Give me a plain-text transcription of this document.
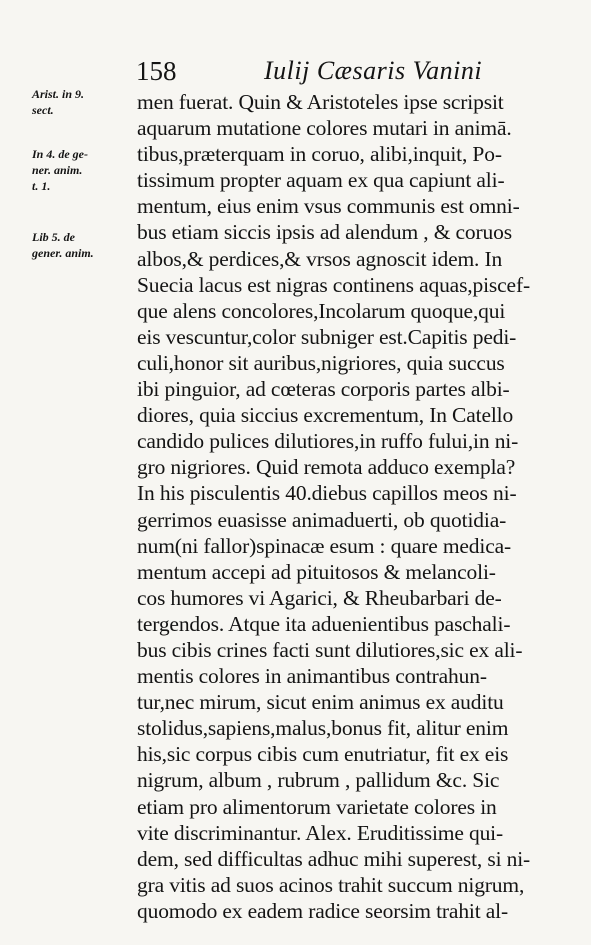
158	Iulij Cæsaris Vanini
Arist. in 9.
sect.
In 4. de ge-
ner. anim.
t. 1.
Lib 5. de
gener. anim.
men fuerat. Quin & Aristoteles ipse scripsit
aquarum mutatione colores mutari in animā.
tibus,præterquam in coruo, alibi,inquit, Po-
tissimum propter aquam ex qua capiunt ali-
mentum, eius enim vsus communis est omni-
bus etiam siccis ipsis ad alendum , & coruos
albos,& perdices,& vrsos agnoscit idem. In
Suecia lacus est nigras continens aquas,piscef-
que alens concolores,Incolarum quoque,qui
eis vescuntur,color subniger est.Capitis pedi-
culi,honor sit auribus,nigriores, quia succus
ibi pinguior, ad cœteras corporis partes albi-
diores, quia siccius excrementum, In Catello
candido pulices dilutiores,in ruffo fului,in ni-
gro nigriores. Quid remota adduco exempla?
In his pisculentis 40.diebus capillos meos ni-
gerrimos euasisse animaduerti, ob quotidia-
num(ni fallor)spinacæ esum : quare medica-
mentum accepi ad pituitosos & melancoli-
cos humores vi Agarici, & Rheubarbari de-
tergendos. Atque ita aduenientibus paschali-
bus cibis crines facti sunt dilutiores,sic ex ali-
mentis colores in animantibus contrahun-
tur,nec mirum, sicut enim animus ex auditu
stolidus,sapiens,malus,bonus fit, alitur enim
his,sic corpus cibis cum enutriatur, fit ex eis
nigrum, album , rubrum , pallidum &c. Sic
etiam pro alimentorum varietate colores in
vite discriminantur. Alex. Eruditissime qui-
dem, sed difficultas adhuc mihi superest, si ni-
gra vitis ad suos acinos trahit succum nigrum,
quomodo ex eadem radice seorsim trahit al-
